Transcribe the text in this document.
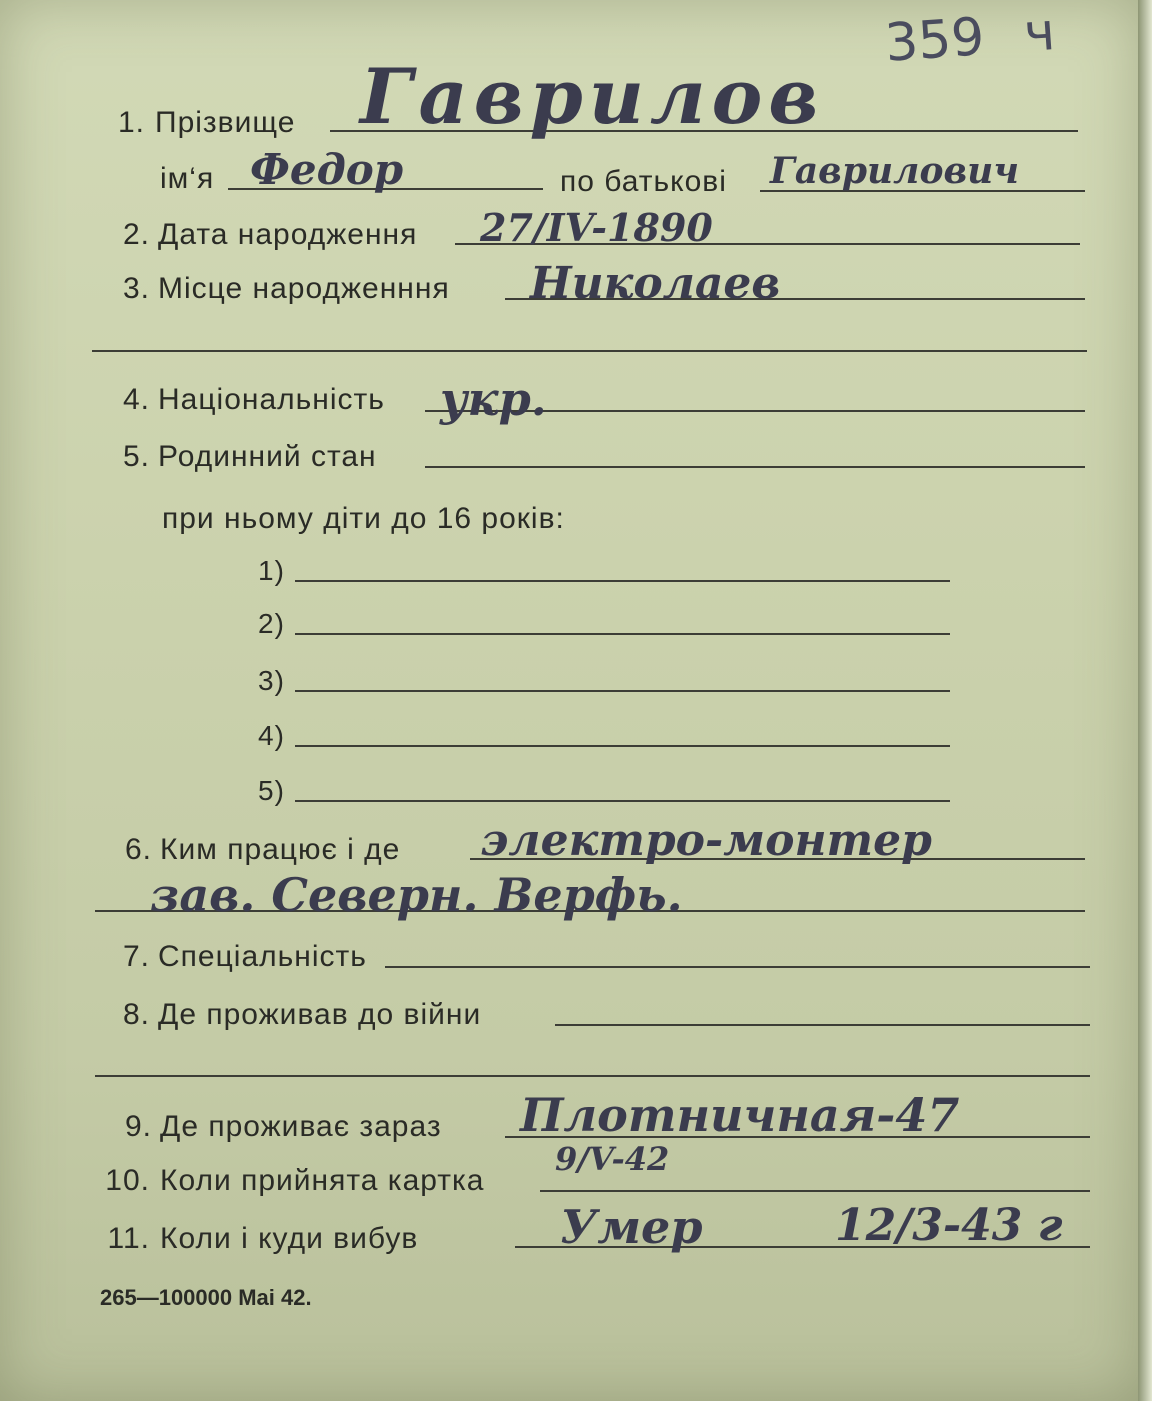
359 ч
1. Прізвище Гаврилов
ім‘я Федор	по батькові Гаврилович
2. Дата народження 27/IV-1890
3. Місце народженння Николаев
4. Національність укр.
5. Родинний стан
при ньому діти до 16 років:
1)
2)
3)
4)
5)
6. Ким працює і де электро-монтер
зав. Северн. Верфь.
7. Спеціальність
8. Де проживав до війни
9. Де проживає зараз Плотничная-47
10. Коли прийнята картка
9/V-42
11. Коли і куди вибув	Умер	12/3-43 г
265—100000 Mai 42.
